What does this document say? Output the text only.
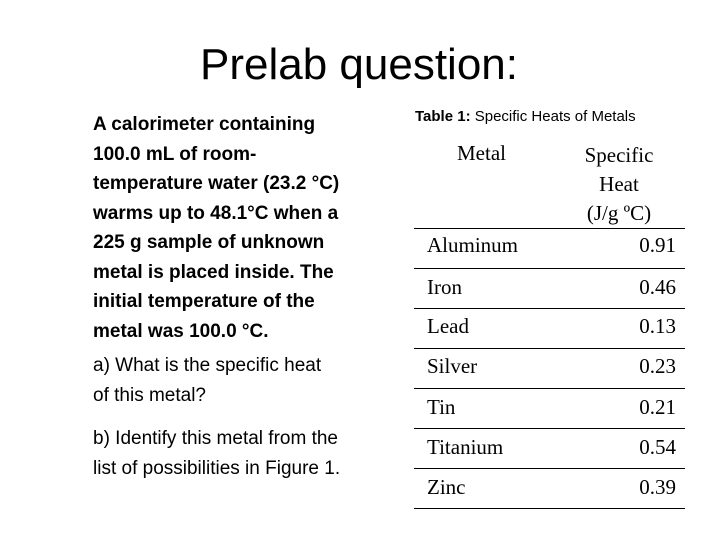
Prelab question:
A calorimeter containing
100.0 mL of room-
temperature water (23.2 °C)
warms up to 48.1°C when a
225 g sample of unknown
metal is placed inside. The
initial temperature of the
metal was 100.0 °C.
a) What is the specific heat
of this metal?
b) Identify this metal from the
list of possibilities in Figure 1.
Table 1: Specific Heats of Metals
Metal	Specific
Heat
(J/g ºC)
Aluminum	0.91
Iron	0.46
Lead	0.13
Silver	0.23
Tin	0.21
Titanium	0.54
Zinc	0.39
